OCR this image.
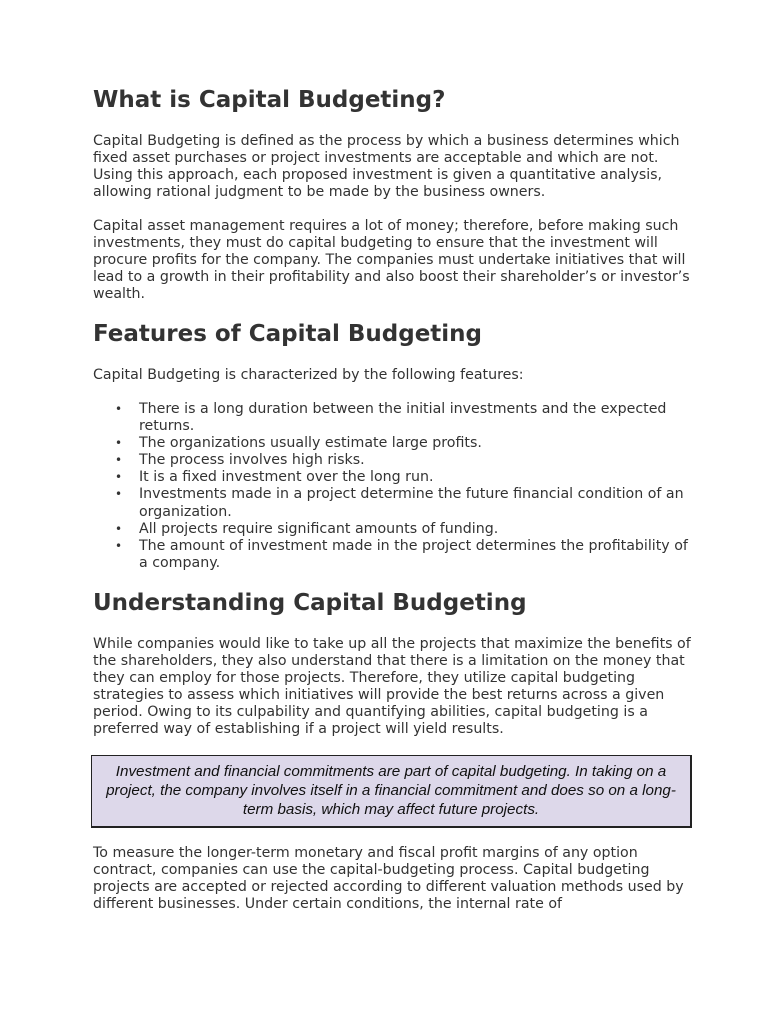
What is Capital Budgeting?

Capital Budgeting is defined as the process by which a business determines which fixed asset purchases or project investments are acceptable and which are not. Using this approach, each proposed investment is given a quantitative analysis, allowing rational judgment to be made by the business owners.

Capital asset management requires a lot of money; therefore, before making such investments, they must do capital budgeting to ensure that the investment will procure profits for the company. The companies must undertake initiatives that will lead to a growth in their profitability and also boost their shareholder’s or investor’s wealth.

Features of Capital Budgeting

Capital Budgeting is characterized by the following features:

• There is a long duration between the initial investments and the expected returns.
• The organizations usually estimate large profits.
• The process involves high risks.
• It is a fixed investment over the long run.
• Investments made in a project determine the future financial condition of an organization.
• All projects require significant amounts of funding.
• The amount of investment made in the project determines the profitability of a company.
Understanding Capital Budgeting

While companies would like to take up all the projects that maximize the benefits of the shareholders, they also understand that there is a limitation on the money that they can employ for those projects. Therefore, they utilize capital budgeting strategies to assess which initiatives will provide the best returns across a given period. Owing to its culpability and quantifying abilities, capital budgeting is a preferred way of establishing if a project will yield results.

Investment and financial commitments are part of capital budgeting. In taking on a project, the company involves itself in a financial commitment and does so on a long-term basis, which may affect future projects.

To measure the longer-term monetary and fiscal profit margins of any option contract, companies can use the capital-budgeting process. Capital budgeting projects are accepted or rejected according to different valuation methods used by different businesses. Under certain conditions, the internal rate of
